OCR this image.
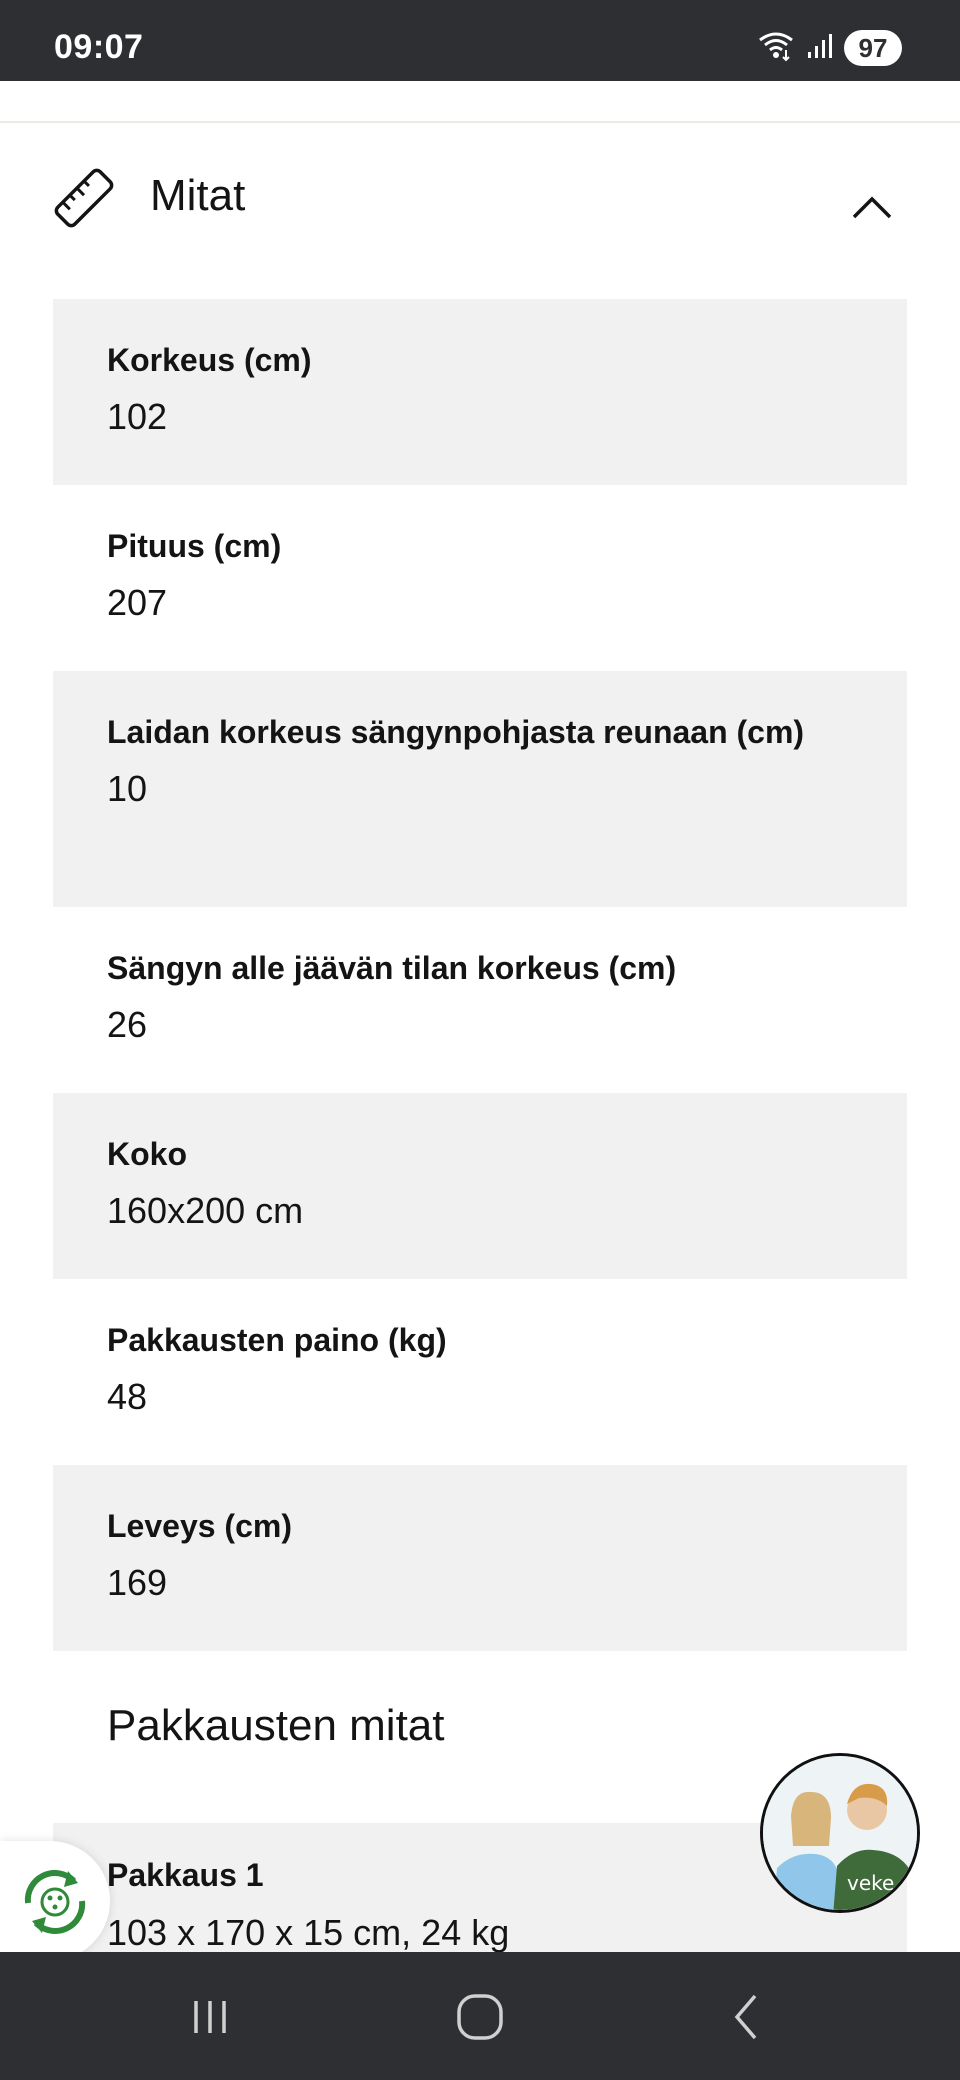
09:07	97
Mitat
Korkeus (cm)
102
Pituus (cm)
207
Laidan korkeus sängynpohjasta reunaan (cm)
10
Sängyn alle jäävän tilan korkeus (cm)
26
Koko
160x200 cm
Pakkausten paino (kg)
48
Leveys (cm)
169
Pakkausten mitat
Pakkaus 1
103 x 170 x 15 cm, 24 kg
veke
